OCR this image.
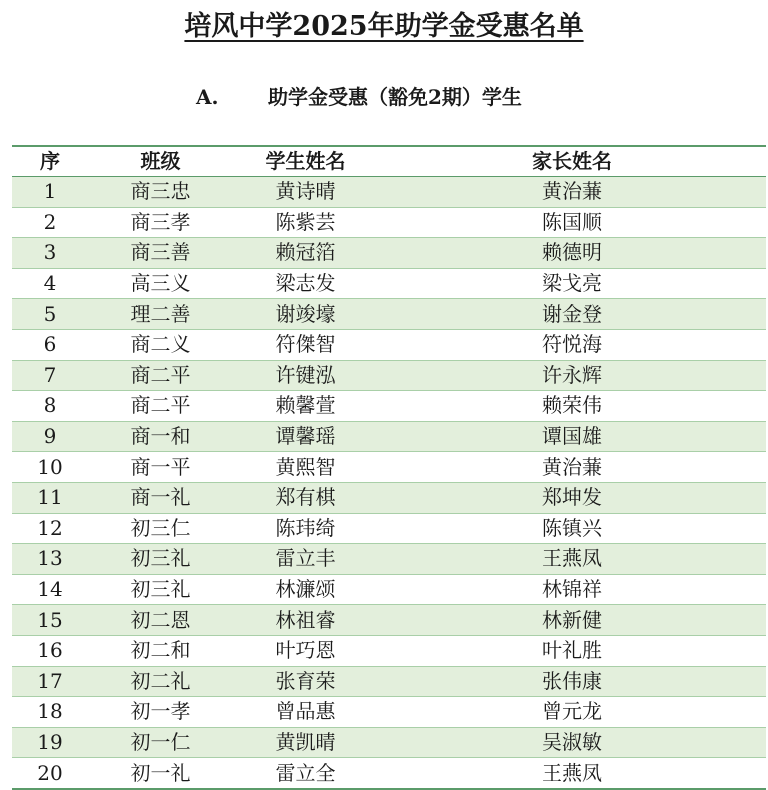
培风中学2025年助学金受惠名单
A. 助学金受惠（豁免2期）学生
序	班级	学生姓名	家长姓名
1	商三忠	黄诗晴	黄治蒹
2	商三孝	陈紫芸	陈国顺
3	商三善	赖冠箔	赖德明
4	高三义	梁志发	梁戈亮
5	理二善	谢竣壕	谢金登
6	商二义	符傑智	符悦海
7	商二平	许键泓	许永辉
8	商二平	赖馨萱	赖荣伟
9	商一和	谭馨瑶	谭国雄
10	商一平	黄熙智	黄治蒹
11	商一礼	郑有棋	郑坤发
12	初三仁	陈玮绮	陈镇兴
13	初三礼	雷立丰	王燕凤
14	初三礼	林濂颂	林锦祥
15	初二恩	林祖睿	林新健
16	初二和	叶巧恩	叶礼胜
17	初二礼	张育荣	张伟康
18	初一孝	曾品惠	曾元龙
19	初一仁	黄凯晴	吴淑敏
20	初一礼	雷立全	王燕凤
